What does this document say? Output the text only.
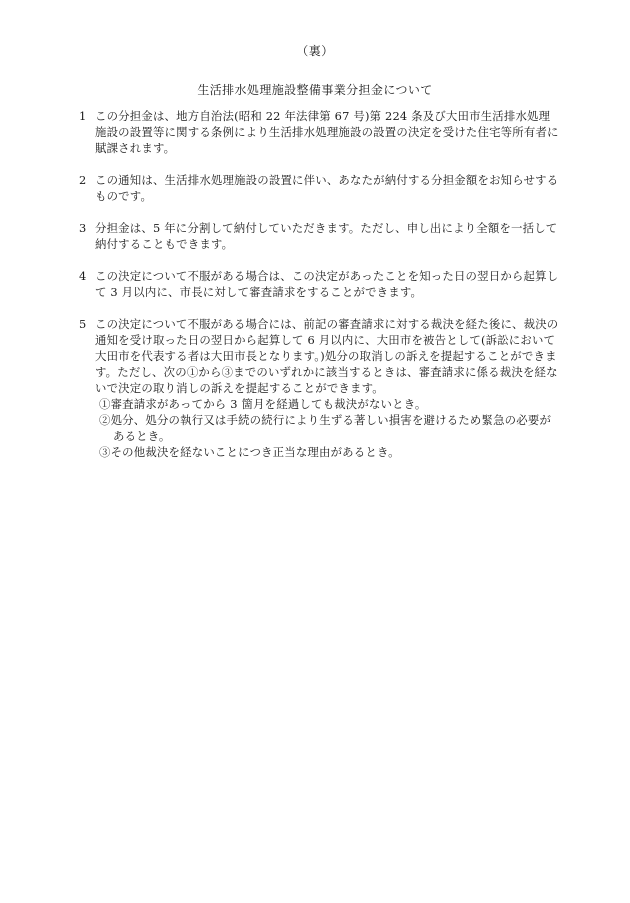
（裏）
生活排水処理施設整備事業分担金について
1 この分担金は、地方自治法(昭和 22 年法律第 67 号)第 224 条及び大田市生活排水処理施設の設置等に関する条例により生活排水処理施設の設置の決定を受けた住宅等所有者に賦課されます。
2 この通知は、生活排水処理施設の設置に伴い、あなたが納付する分担金額をお知らせするものです。
3 分担金は、5 年に分割して納付していただきます。ただし、申し出により全額を一括して納付することもできます。
4 この決定について不服がある場合は、この決定があったことを知った日の翌日から起算して 3 月以内に、市長に対して審査請求をすることができます。
5 この決定について不服がある場合には、前記の審査請求に対する裁決を経た後に、裁決の通知を受け取った日の翌日から起算して 6 月以内に、大田市を被告として(訴訟において大田市を代表する者は大田市長となります。)処分の取消しの訴えを提起することができます。ただし、次の①から③までのいずれかに該当するときは、審査請求に係る裁決を経ないで決定の取り消しの訴えを提起することができます。
①審査請求があってから 3 箇月を経過しても裁決がないとき。
②処分、処分の執行又は手続の続行により生ずる著しい損害を避けるため緊急の必要があるとき。
③その他裁決を経ないことにつき正当な理由があるとき。
